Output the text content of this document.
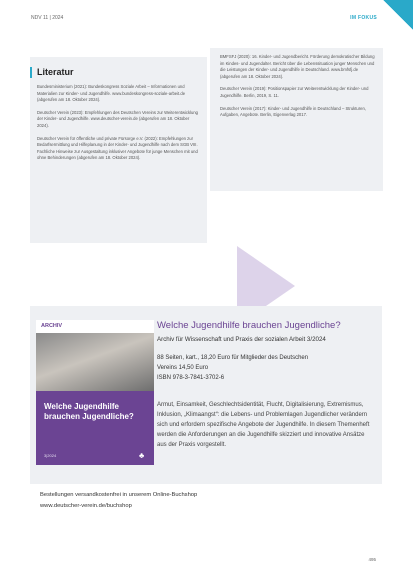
NDV 11 | 2024	IM FOKUS
Literatur

Bundesministerium (2021): Bundeskongress Soziale Arbeit – Informationen und Materialien zur Kinder- und Jugendhilfe. www.bundeskongress-soziale-arbeit.de (abgerufen am 18. Oktober 2024).

Deutscher Verein (2023): Empfehlungen des Deutschen Vereins zur Weiterentwicklung der Kinder- und Jugendhilfe. www.deutscher-verein.de (abgerufen am 18. Oktober 2024).

Deutscher Verein für öffentliche und private Fürsorge e.V. (2022): Empfehlungen zur Bedarfsermittlung und Hilfeplanung in der Kinder- und Jugendhilfe nach dem SGB VIII. Fachliche Hinweise zur Ausgestaltung inklusiver Angebote für junge Menschen mit und ohne Behinderungen (abgerufen am 18. Oktober 2024).

BMFSFJ (2020): 16. Kinder- und Jugendbericht. Förderung demokratischer Bildung im Kindes- und Jugendalter. Bericht über die Lebenssituation junger Menschen und die Leistungen der Kinder- und Jugendhilfe in Deutschland. www.bmfsfj.de (abgerufen am 18. Oktober 2024).

Deutscher Verein (2019): Positionspapier zur Weiterentwicklung der Kinder- und Jugendhilfe. Berlin, 2019, S. 11.

Deutscher Verein (2017): Kinder- und Jugendhilfe in Deutschland – Strukturen, Aufgaben, Angebote. Berlin, Eigenverlag 2017.

ARCHIV
Welche Jugendhilfe brauchen Jugendliche?
3|2024	♣
Welche Jugendhilfe brauchen Jugendliche?
Archiv für Wissenschaft und Praxis der sozialen Arbeit 3/2024
88 Seiten, kart., 18,20 Euro für Mitglieder des Deutschen
Vereins 14,50 Euro
ISBN 978-3-7841-3702-6
Armut, Einsamkeit, Geschlechtsidentität, Flucht, Digitalisierung, Extremismus, Inklusion, „Klimaangst“: die Lebens- und Problemlagen Jugendlicher verändern sich und erfordern spezifische Angebote der Jugendhilfe. In diesem Themenheft werden die Anforderungen an die Jugendhilfe skizziert und innovative Ansätze aus der Praxis vorgestellt.
Bestellungen versandkostenfrei in unserem Online-Buchshop
www.deutscher-verein.de/buchshop
495
